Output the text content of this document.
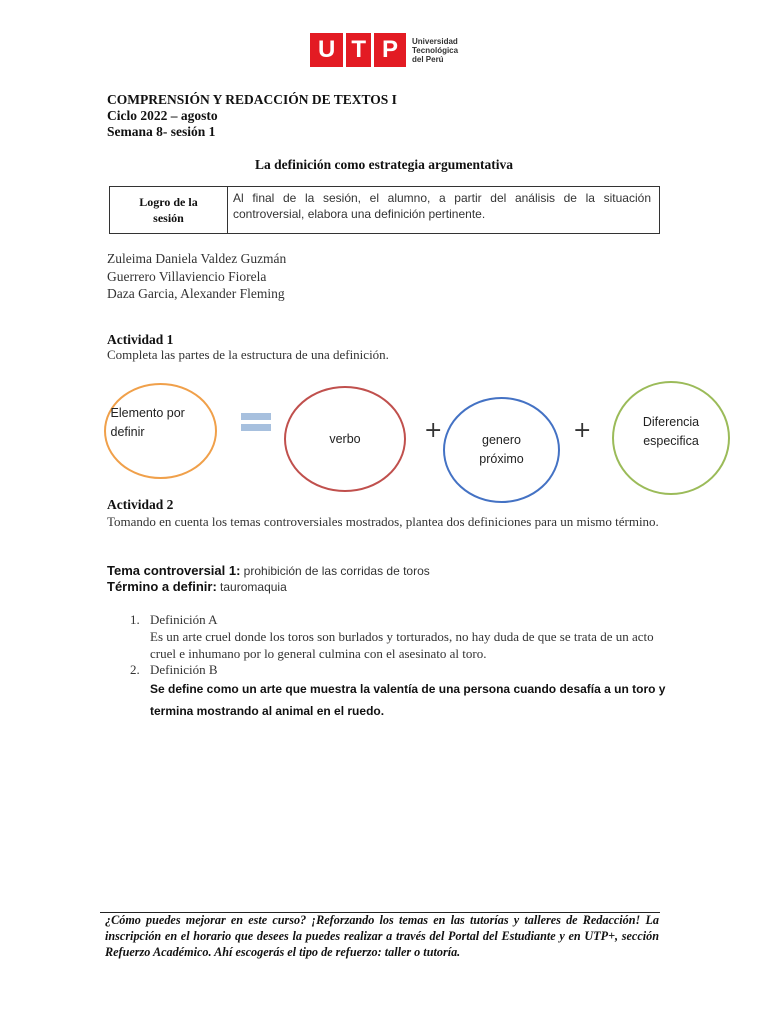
U T P Universidad
Tecnológica
del Perú
COMPRENSIÓN Y REDACCIÓN DE TEXTOS I
Ciclo 2022 – agosto
Semana 8- sesión 1
La definición como estrategia argumentativa
Logro de la sesión
Al final de la sesión, el alumno, a partir del análisis de la situación controversial, elabora una definición pertinente.
Zuleima Daniela Valdez Guzmán
Guerrero Villaviencio Fiorela
Daza Garcia, Alexander Fleming
Actividad 1
Completa las partes de la estructura de una definición.
Elemento por definir	verbo	+	genero próximo
+	Diferencia especifica
Actividad 2
Tomando en cuenta los temas controversiales mostrados, plantea dos definiciones para un mismo término.
Tema controversial 1: prohibición de las corridas de toros
Término a definir: tauromaquia
1. Definición A
Es un arte cruel donde los toros son burlados y torturados, no hay duda de que se trata de un acto cruel e inhumano por lo general culmina con el asesinato al toro.
2. Definición B
Se define como un arte que muestra la valentía de una persona cuando desafía a un toro y termina mostrando al animal en el ruedo.
¿Cómo puedes mejorar en este curso? ¡Reforzando los temas en las tutorías y talleres de Redacción! La inscripción en el horario que desees la puedes realizar a través del Portal del Estudiante y en UTP+, sección Refuerzo Académico. Ahí escogerás el tipo de refuerzo: taller o tutoría.
